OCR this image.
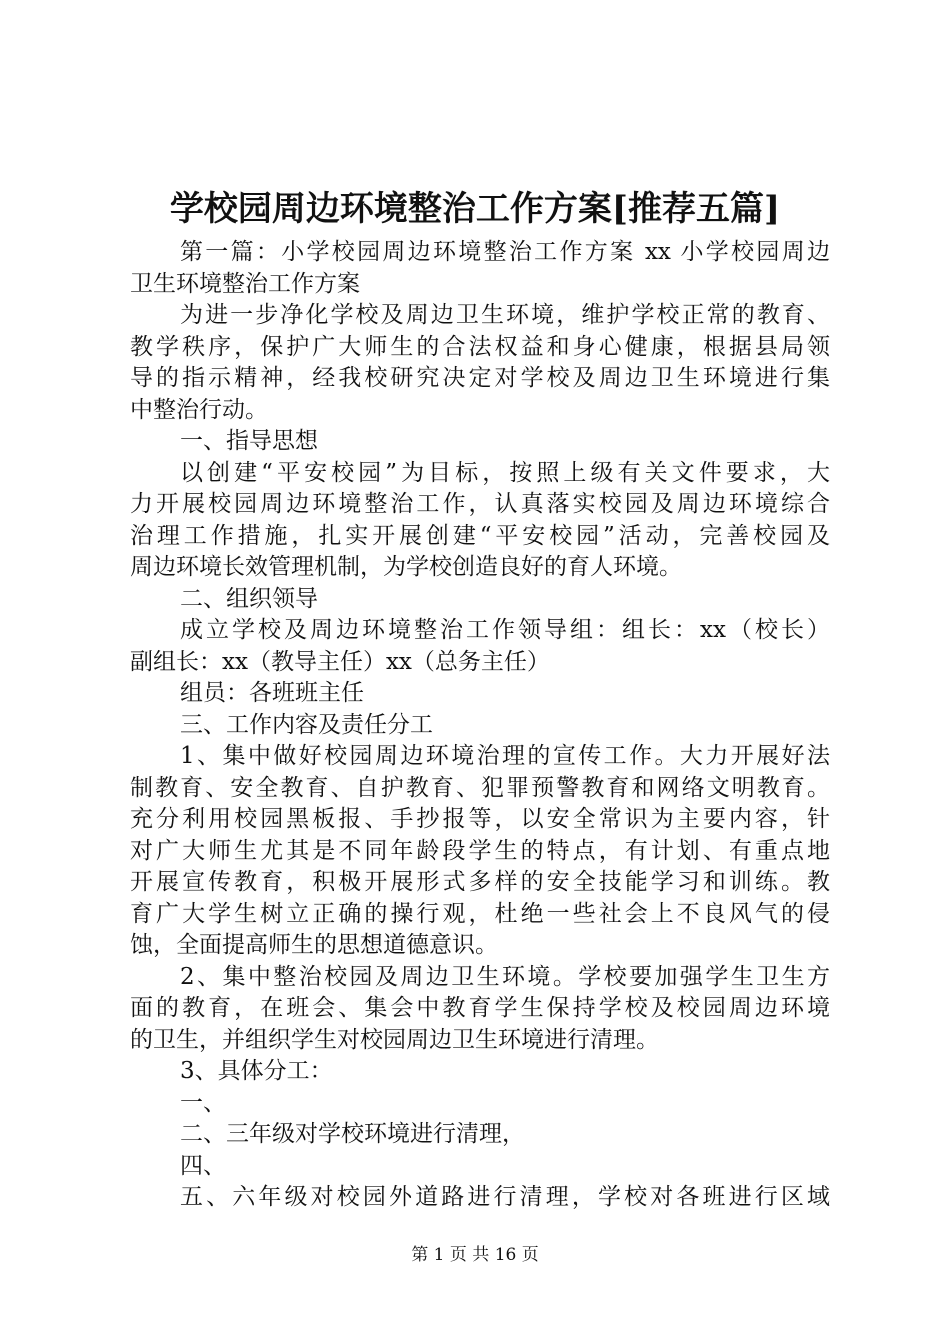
学校园周边环境整治工作方案[推荐五篇]

第一篇：小学校园周边环境整治工作方案 xx 小学校园周边

卫生环境整治工作方案

为进一步净化学校及周边卫生环境，维护学校正常的教育、

教学秩序，保护广大师生的合法权益和身心健康，根据县局领

导的指示精神，经我校研究决定对学校及周边卫生环境进行集

中整治行动。

一、指导思想

以创建“平安校园”为目标，按照上级有关文件要求，大

力开展校园周边环境整治工作，认真落实校园及周边环境综合

治理工作措施，扎实开展创建“平安校园”活动，完善校园及

周边环境长效管理机制，为学校创造良好的育人环境。

二、组织领导

成立学校及周边环境整治工作领导组：组长：xx（校长）

副组长：xx（教导主任）xx（总务主任）

组员：各班班主任

三、工作内容及责任分工

1、集中做好校园周边环境治理的宣传工作。大力开展好法

制教育、安全教育、自护教育、犯罪预警教育和网络文明教育。

充分利用校园黑板报、手抄报等，以安全常识为主要内容，针

对广大师生尤其是不同年龄段学生的特点，有计划、有重点地

开展宣传教育，积极开展形式多样的安全技能学习和训练。教

育广大学生树立正确的操行观，杜绝一些社会上不良风气的侵

蚀，全面提高师生的思想道德意识。

2、集中整治校园及周边卫生环境。学校要加强学生卫生方

面的教育，在班会、集会中教育学生保持学校及校园周边环境

的卫生，并组织学生对校园周边卫生环境进行清理。

3、具体分工：

一、

二、三年级对学校环境进行清理，

四、

五、六年级对校园外道路进行清理，学校对各班进行区域

第 1 页 共 16 页
